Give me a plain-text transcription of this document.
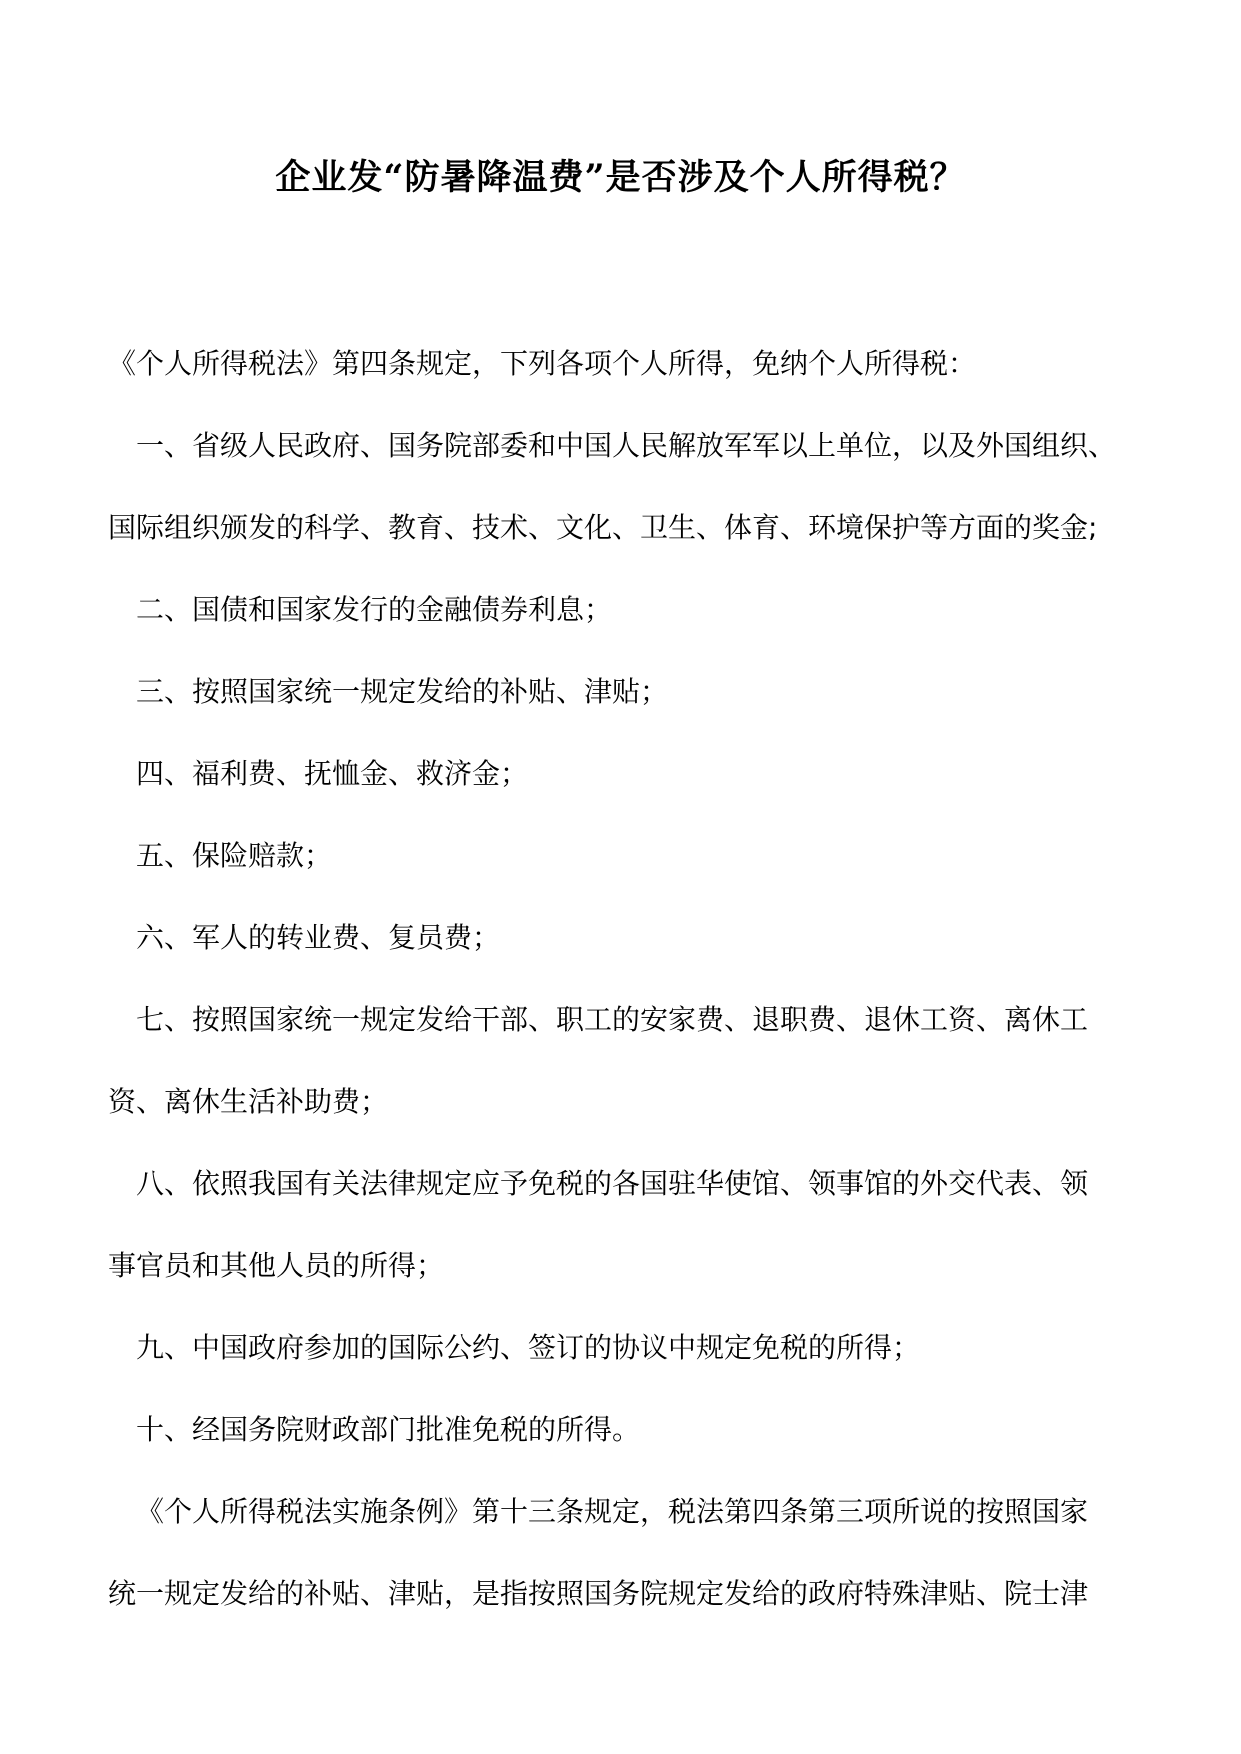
企业发“防暑降温费”是否涉及个人所得税？
《个人所得税法》第四条规定，下列各项个人所得，免纳个人所得税：
一、省级人民政府、国务院部委和中国人民解放军军以上单位，以及外国组织、
国际组织颁发的科学、教育、技术、文化、卫生、体育、环境保护等方面的奖金;
二、国债和国家发行的金融债券利息；
三、按照国家统一规定发给的补贴、津贴；
四、福利费、抚恤金、救济金；
五、保险赔款；
六、军人的转业费、复员费；
七、按照国家统一规定发给干部、职工的安家费、退职费、退休工资、离休工
资、离休生活补助费；
八、依照我国有关法律规定应予免税的各国驻华使馆、领事馆的外交代表、领
事官员和其他人员的所得；
九、中国政府参加的国际公约、签订的协议中规定免税的所得；
十、经国务院财政部门批准免税的所得。
《个人所得税法实施条例》第十三条规定，税法第四条第三项所说的按照国家
统一规定发给的补贴、津贴，是指按照国务院规定发给的政府特殊津贴、院士津
